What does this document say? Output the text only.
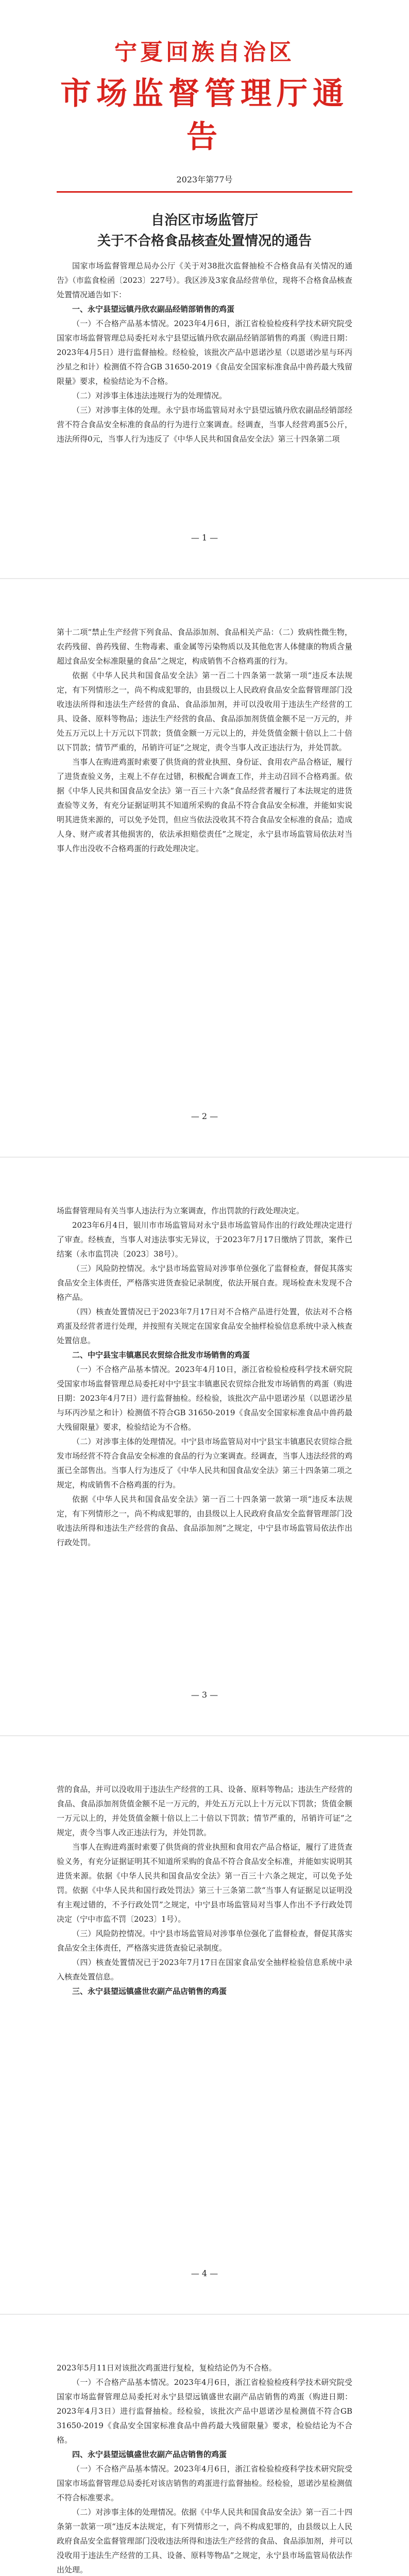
宁夏回族自治区
市场监督管理厅通告
2023年第77号
自治区市场监管厅
关于不合格食品核查处置情况的通告

国家市场监督管理总局办公厅《关于对38批次监督抽检不合格食品有关情况的通告》（市监食检函〔2023〕227号）。我区涉及3家食品经营单位，现将不合格食品核查处置情况通告如下：

一、永宁县望远镇丹欣农副品经销部销售的鸡蛋

（一）不合格产品基本情况。2023年4月6日，浙江省检验检疫科学技术研究院受国家市场监督管理总局委托对永宁县望远镇丹欣农副品经销部销售的鸡蛋（购进日期：2023年4月5日）进行监督抽检。经检验，该批次产品中恩诺沙星（以恩诺沙星与环丙沙星之和计）检测值不符合GB 31650-2019《食品安全国家标准食品中兽药最大残留限量》要求，检验结论为不合格。

（二）对涉事主体违法违规行为的处理情况。

（三）对涉事主体的处理。永宁县市场监管局对永宁县望远镇丹欣农副品经销部经营不符合食品安全标准的食品的行为进行立案调查。经调查，当事人经营鸡蛋5公斤，违法所得0元，当事人行为违反了《中华人民共和国食品安全法》第三十四条第二项

— 1 —

第十二项“禁止生产经营下列食品、食品添加剂、食品相关产品：（二）致病性微生物，农药残留、兽药残留、生物毒素、重金属等污染物质以及其他危害人体健康的物质含量超过食品安全标准限量的食品”之规定，构成销售不合格鸡蛋的行为。

依据《中华人民共和国食品安全法》第一百二十四条第一款第一项“违反本法规定，有下列情形之一，尚不构成犯罪的，由县级以上人民政府食品安全监督管理部门没收违法所得和违法生产经营的食品、食品添加剂，并可以没收用于违法生产经营的工具、设备、原料等物品；违法生产经营的食品、食品添加剂货值金额不足一万元的，并处五万元以上十万元以下罚款；货值金额一万元以上的，并处货值金额十倍以上二十倍以下罚款；情节严重的，吊销许可证”之规定，责令当事人改正违法行为，并处罚款。

当事人在购进鸡蛋时索要了供货商的营业执照、身份证、食用农产品合格证，履行了进货查验义务，主观上不存在过错，积极配合调查工作，并主动召回不合格鸡蛋。依据《中华人民共和国食品安全法》第一百三十六条“食品经营者履行了本法规定的进货查验等义务，有充分证据证明其不知道所采购的食品不符合食品安全标准，并能如实说明其进货来源的，可以免予处罚，但应当依法没收其不符合食品安全标准的食品；造成人身、财产或者其他损害的，依法承担赔偿责任”之规定，永宁县市场监管局依法对当事人作出没收不合格鸡蛋的行政处理决定。

— 2 —

场监督管理局有关当事人违法行为立案调查，作出罚款的行政处理决定。

2023年6月4日，银川市市场监管局对永宁县市场监管局作出的行政处理决定进行了审查。经核查，当事人对违法事实无异议，于2023年7月17日缴纳了罚款，案件已结案（永市监罚决〔2023〕38号）。

（三）风险防控情况。永宁县市场监管局对涉事单位强化了监督检查，督促其落实食品安全主体责任，严格落实进货查验记录制度，依法开展自查。现场检查未发现不合格产品。

（四）核查处置情况已于2023年7月17日对不合格产品进行处置，依法对不合格鸡蛋及经营者进行处理，并按照有关规定在国家食品安全抽样检验信息系统中录入核查处置信息。

二、中宁县宝丰镇惠民农贸综合批发市场销售的鸡蛋

（一）不合格产品基本情况。2023年4月10日，浙江省检验检疫科学技术研究院受国家市场监督管理总局委托对中宁县宝丰镇惠民农贸综合批发市场销售的鸡蛋（购进日期：2023年4月7日）进行监督抽检。经检验，该批次产品中恩诺沙星（以恩诺沙星与环丙沙星之和计）检测值不符合GB 31650-2019《食品安全国家标准食品中兽药最大残留限量》要求，检验结论为不合格。

（二）对涉事主体的处理情况。中宁县市场监管局对中宁县宝丰镇惠民农贸综合批发市场经营不符合食品安全标准的食品的行为立案调查。经调查，当事人违法经营的鸡蛋已全部售出。当事人行为违反了《中华人民共和国食品安全法》第三十四条第二项之规定，构成销售不合格鸡蛋的行为。

依据《中华人民共和国食品安全法》第一百二十四条第一款第一项“违反本法规定，有下列情形之一，尚不构成犯罪的，由县级以上人民政府食品安全监督管理部门没收违法所得和违法生产经营的食品、食品添加剂”之规定，中宁县市场监管局依法作出行政处罚。

— 3 —

营的食品，并可以没收用于违法生产经营的工具、设备、原料等物品；违法生产经营的食品、食品添加剂货值金额不足一万元的，并处五万元以上十万元以下罚款；货值金额一万元以上的，并处货值金额十倍以上二十倍以下罚款；情节严重的，吊销许可证”之规定，责令当事人改正违法行为，并处罚款。

当事人在购进鸡蛋时索要了供货商的营业执照和食用农产品合格证，履行了进货查验义务，有充分证据证明其不知道所采购的食品不符合食品安全标准，并能如实说明其进货来源。依据《中华人民共和国食品安全法》第一百三十六条之规定，可以免予处罚。依据《中华人民共和国行政处罚法》第三十三条第二款“当事人有证据足以证明没有主观过错的，不予行政处罚”之规定，中宁县市场监管局对当事人作出不予行政处罚决定（宁中市监不罚〔2023〕1号）。

（三）风险防控情况。中宁县市场监管局对涉事单位强化了监督检查，督促其落实食品安全主体责任，严格落实进货查验记录制度。

（四）核查处置情况已于2023年7月17日在国家食品安全抽样检验信息系统中录入核查处置信息。

三、永宁县望远镇盛世农副产品店销售的鸡蛋

— 4 —

2023年5月11日对该批次鸡蛋进行复检，复检结论仍为不合格。

（一）不合格产品基本情况。2023年4月6日，浙江省检验检疫科学技术研究院受国家市场监督管理总局委托对永宁县望远镇盛世农副产品店销售的鸡蛋（购进日期：2023年4月3日）进行监督抽检。经检验，该批次产品中恩诺沙星检测值不符合GB 31650-2019《食品安全国家标准食品中兽药最大残留限量》要求，检验结论为不合格。

四、永宁县望远镇盛世农副产品店销售的鸡蛋

（一）不合格产品基本情况。2023年4月6日，浙江省检验检疫科学技术研究院受国家市场监督管理总局委托对该店销售的鸡蛋进行监督抽检。经检验，恩诺沙星检测值不符合标准要求。

（二）对涉事主体的处理情况。依据《中华人民共和国食品安全法》第一百二十四条第一款第一项“违反本法规定，有下列情形之一，尚不构成犯罪的，由县级以上人民政府食品安全监督管理部门没收违法所得和违法生产经营的食品、食品添加剂，并可以没收用于违法生产经营的工具、设备、原料等物品”之规定，永宁县市场监管局依法作出处理。
